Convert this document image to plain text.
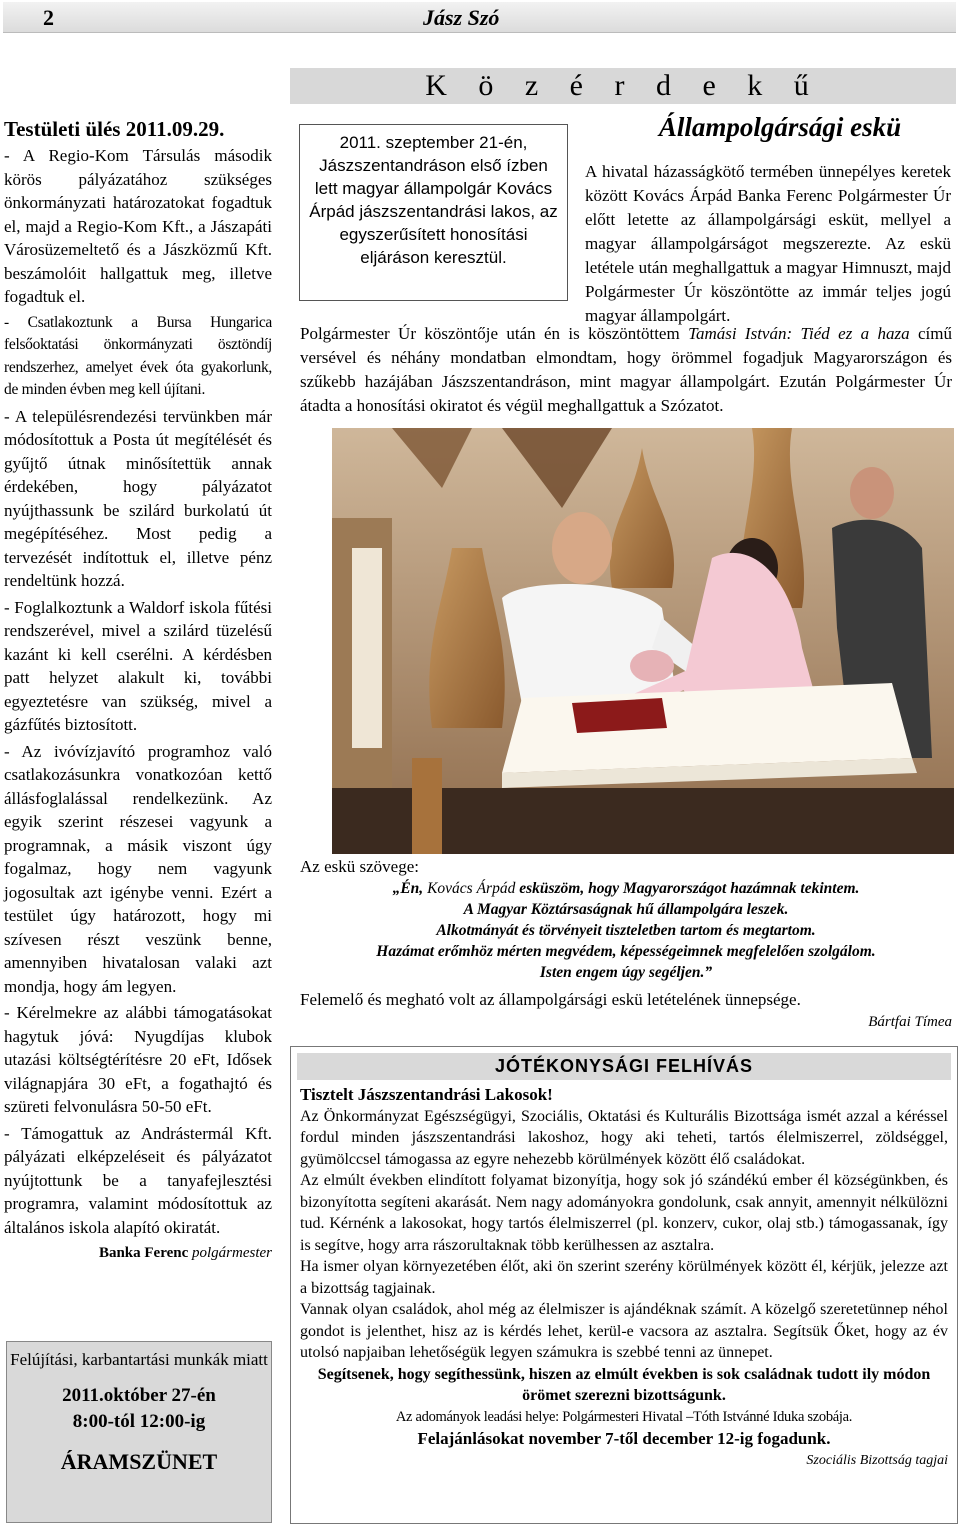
2	Jász Szó
K ö z é r d e k ű
Testületi ülés 2011.09.29.

- A Regio-Kom Társulás második körös pályázatához szükséges önkormányzati határozatokat fogadtuk el, majd a Regio-Kom Kft., a Jászapáti Városüzemeltető és a Jászközmű Kft. beszámolóit hallgattuk meg, illetve fogadtuk el.

- Csatlakoztunk a Bursa Hungarica felsőoktatási önkormányzati ösztöndíj rendszerhez, amelyet évek óta gyakorlunk, de minden évben meg kell újítani.

- A településrendezési tervünkben már módosítottuk a Posta út megítélését és gyűjtő útnak minősítettük annak érdekében, hogy pályázatot nyújthassunk be szilárd burkolatú út megépítéséhez. Most pedig a tervezését indítottuk el, illetve pénz rendeltünk hozzá.

- Foglalkoztunk a Waldorf iskola fűtési rendszerével, mivel a szilárd tüzelésű kazánt ki kell cserélni. A kérdésben patt helyzet alakult ki, további egyeztetésre van szükség, mivel a gázfűtés biztosított.

- Az ivóvízjavító programhoz való csatlakozásunkra vonatkozóan kettő állásfoglalással rendelkezünk. Az egyik szerint részesei vagyunk a programnak, a másik viszont úgy fogalmaz, hogy nem vagyunk jogosultak azt igénybe venni. Ezért a testület úgy határozott, hogy mi szívesen részt veszünk benne, amennyiben hivatalosan valaki azt mondja, hogy ám legyen.

- Kérelmekre az alábbi támogatásokat hagytuk jóvá: Nyugdíjas klubok utazási költségtérítésre 20 eFt, Idősek világnapjára 30 eFt, a fogathajtó és szüreti felvonulásra 50-50 eFt.

- Támogattuk az Andrástermál Kft. pályázati elképzeléseit és pályázatot nyújtottunk be a tanyafejlesztési programra, valamint módosítottuk az általános iskola alapító okiratát.

Banka Ferenc polgármester
Felújítási, karbantartási munkák miatt
2011.október 27-én
8:00-tól 12:00-ig
ÁRAMSZÜNET
2011. szeptember 21-én, Jászszentandráson első ízben lett magyar állampolgár Kovács Árpád jászszentandrási lakos, az egyszerűsített honosítási eljáráson keresztül.
Állampolgársági eskü
A hivatal házasságkötő termében ünnepélyes keretek között Kovács Árpád Banka Ferenc Polgármester Úr előtt letette az állampolgársági esküt, mellyel a magyar állampolgárságot megszerezte. Az eskü letétele után meghallgattuk a magyar Himnuszt, majd Polgármester Úr köszöntötte az immár teljes jogú magyar állampolgárt.
Polgármester Úr köszöntője után én is köszöntöttem Tamási István: Tiéd ez a haza című versével és néhány mondatban elmondtam, hogy örömmel fogadjuk Magyarországon és szűkebb hazájában Jászszentandráson, mint magyar állampolgárt. Ezután Polgármester Úr átadta a honosítási okiratot és végül meghallgattuk a Szózatot.
Az eskü szövege:
„Én, Kovács Árpád esküszöm, hogy Magyarországot hazámnak tekintem.
A Magyar Köztársaságnak hű állampolgára leszek.
Alkotmányát és törvényeit tiszteletben tartom és megtartom.
Hazámat erőmhöz mérten megvédem, képességeimnek megfelelően szolgálom.
Isten engem úgy segéljen.”
Felemelő és megható volt az állampolgársági eskü letételének ünnepsége.
Bártfai Tímea
JÓTÉKONYSÁGI FELHÍVÁS

Tisztelt Jászszentandrási Lakosok!

Az Önkormányzat Egészségügyi, Szociális, Oktatási és Kulturális Bizottsága ismét azzal a kéréssel fordul minden jászszentandrási lakoshoz, hogy aki teheti, tartós élelmiszerrel, zöldséggel, gyümölccsel támogassa az egyre nehezebb körülmények között élő családokat.

Az elmúlt években elindított folyamat bizonyítja, hogy sok jó szándékú ember él községünkben, és bizonyította segíteni akarását. Nem nagy adományokra gondolunk, csak annyit, amennyit nélkülözni tud. Kérnénk a lakosokat, hogy tartós élelmiszerrel (pl. konzerv, cukor, olaj stb.) támogassanak, így is segítve, hogy arra rászorultaknak több kerülhessen az asztalra.

Ha ismer olyan környezetében élőt, aki ön szerint szerény körülmények között él, kérjük, jelezze azt a bizottság tagjainak.

Vannak olyan családok, ahol még az élelmiszer is ajándéknak számít. A közelgő szeretetünnep néhol gondot is jelenthet, hisz az is kérdés lehet, kerül-e vacsora az asztalra. Segítsük Őket, hogy az év utolsó napjaiban lehetőségük legyen számukra is szebbé tenni az ünnepet.

Segítsenek, hogy segíthessünk, hiszen az elmúlt években is sok családnak tudott ily módon örömet szerezni bizottságunk.

Az adományok leadási helye: Polgármesteri Hivatal –Tóth Istvánné Iduka szobája.

Felajánlásokat november 7-től december 12-ig fogadunk.

Szociális Bizottság tagjai
